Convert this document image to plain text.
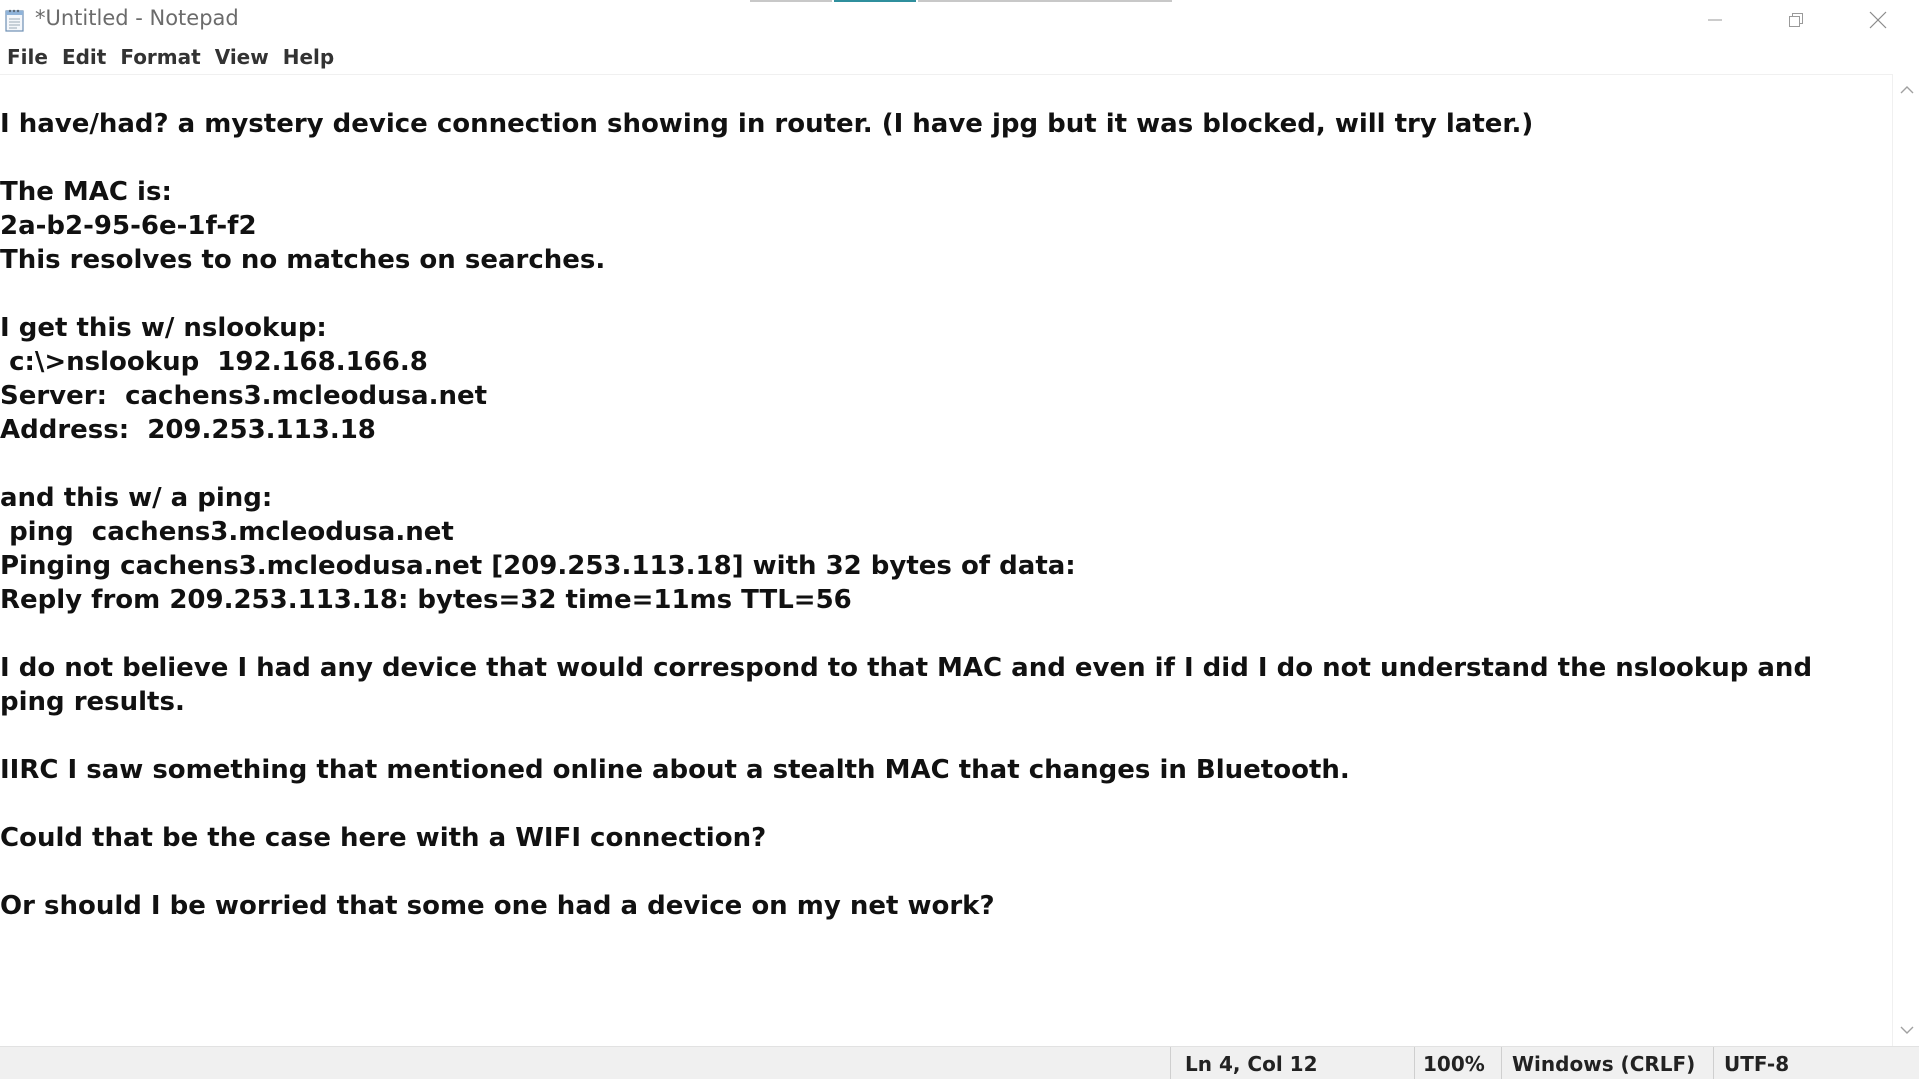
*Untitled - Notepad
File Edit Format View Help
I have/had? a mystery device connection showing in router. (I have jpg but it was blocked, will try later.)

The MAC is:
2a-b2-95-6e-1f-f2
This resolves to no matches on searches.

I get this w/ nslookup:
c:\>nslookup  192.168.166.8
Server:  cachens3.mcleodusa.net
Address:  209.253.113.18

and this w/ a ping:
ping  cachens3.mcleodusa.net
Pinging cachens3.mcleodusa.net [209.253.113.18] with 32 bytes of data:
Reply from 209.253.113.18: bytes=32 time=11ms TTL=56

I do not believe I had any device that would correspond to that MAC and even if I did I do not understand the nslookup and ping results.

IIRC I saw something that mentioned online about a stealth MAC that changes in Bluetooth.

Could that be the case here with a WIFI connection?

Or should I be worried that some one had a device on my net work?
Ln 4, Col 12	100%	Windows (CRLF)	UTF-8
